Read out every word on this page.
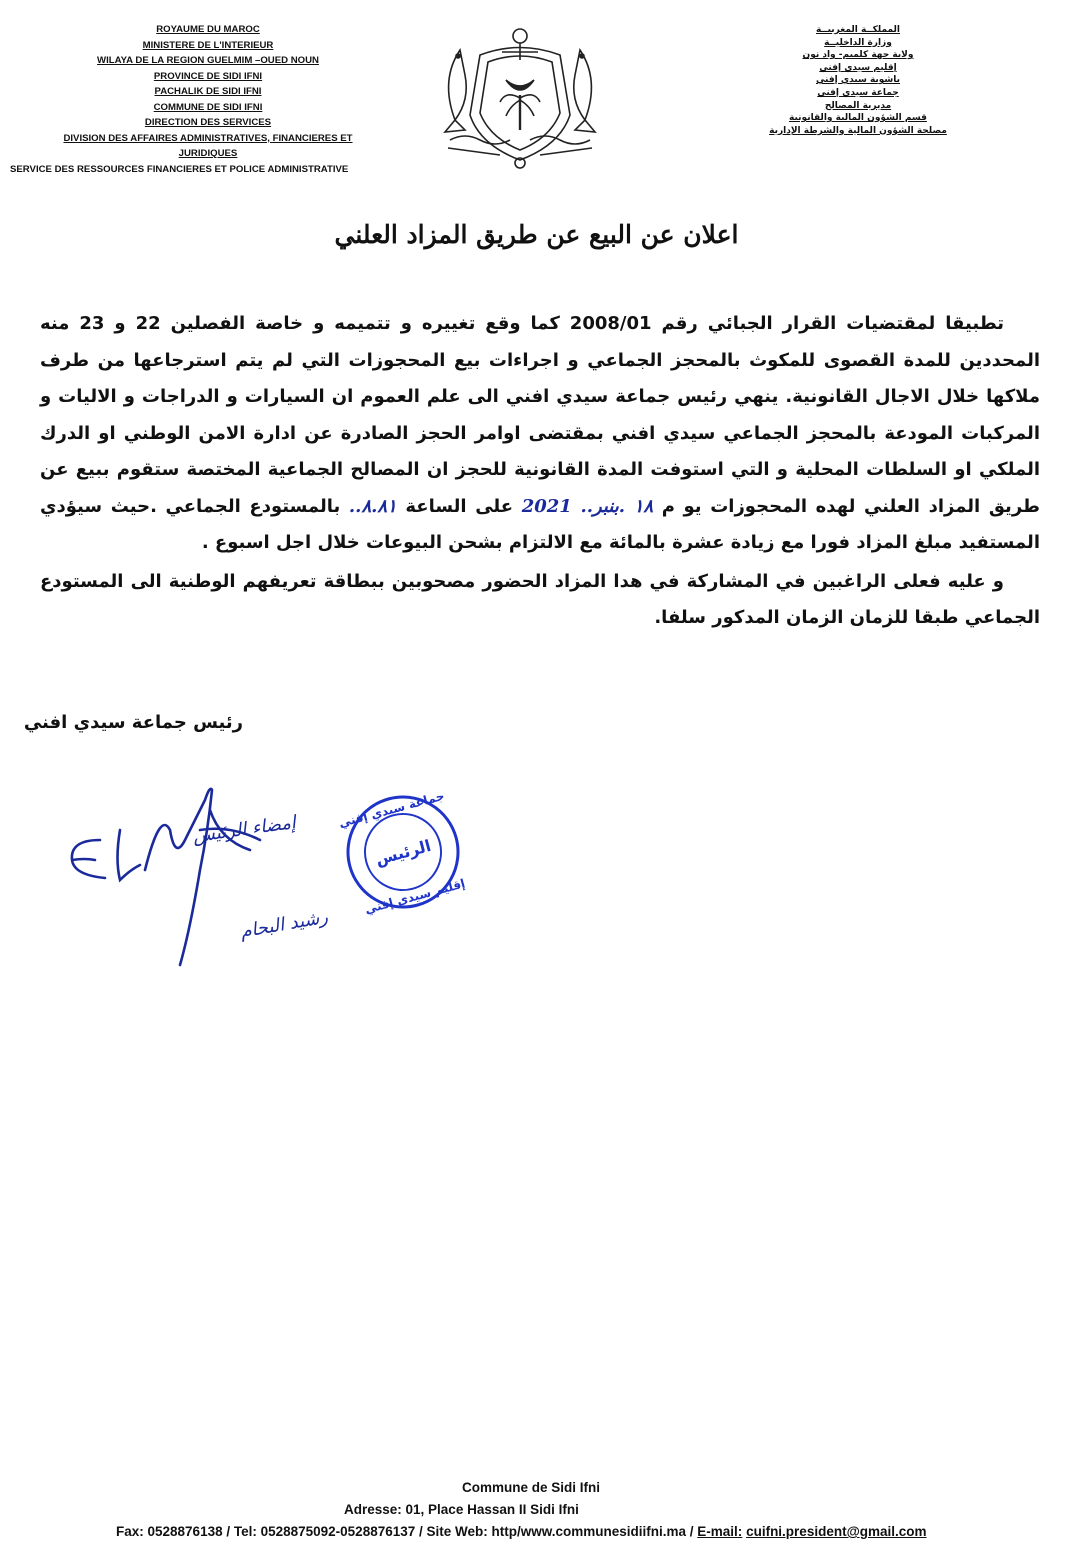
ROYAUME DU MAROC
MINISTERE DE L'INTERIEUR
WILAYA DE LA REGION GUELMIM –OUED NOUN
PROVINCE DE SIDI IFNI
PACHALIK DE SIDI IFNI
COMMUNE DE SIDI IFNI
DIRECTION DES SERVICES
DIVISION DES AFFAIRES ADMINISTRATIVES, FINANCIERES ET
JURIDIQUES
SERVICE DES RESSOURCES FINANCIERES ET POLICE ADMINISTRATIVE
المملكــة المغربيــة
وزارة الداخليــة
ولاية جهة كلميم- واد نون
إقليم سيدي إفني
باشوية سيدي إفني
جماعة سيدي إفني
مديرية المصالح
قسم الشؤون المالية والقانونية
مصلحة الشؤون المالية والشرطة الإدارية
اعلان عن البيع عن طريق المزاد العلني

تطبيقا لمقتضيات القرار الجبائي رقم 2008/01 كما وقع تغييره و تتميمه و خاصة الفصلين 22 و 23 منه المحددين للمدة القصوى للمكوث بالمحجز الجماعي و اجراءات بيع المحجوزات التي لم يتم استرجاعها من طرف ملاكها خلال الاجال القانونية. ينهي رئيس جماعة سيدي افني الى علم العموم ان السيارات و الدراجات و الاليات و المركبات المودعة بالمحجز الجماعي سيدي افني بمقتضى اوامر الحجز الصادرة عن ادارة الامن الوطني او الدرك الملكي او السلطات المحلية و التي استوفت المدة القانونية للحجز ان المصالح الجماعية المختصة ستقوم ببيع عن طريق المزاد العلني لهده المحجوزات يو م ١٨ .بنبر.. 2021 على الساعة ٨.٨١.. بالمستودع الجماعي .حيث سيؤدي المستفيد مبلغ المزاد فورا مع زيادة عشرة بالمائة مع الالتزام بشحن البيوعات خلال اجل اسبوع .

و عليه فعلى الراغبين في المشاركة في هدا المزاد الحضور مصحوبين ببطاقة تعريفهم الوطنية الى المستودع الجماعي طبقا للزمان الزمان المدكور سلفا.

رئيس جماعة سيدي افني
إمضاء الرئيس
رشيد البحام
جماعة سيدي إفني
الرئيس
إقليم سيدي إفني
Commune de Sidi Ifni
Adresse: 01, Place Hassan II Sidi Ifni
Fax: 0528876138 / Tel: 0528875092-0528876137 / Site Web: http/www.communesidiifni.ma / E-mail: cuifni.president@gmail.com
